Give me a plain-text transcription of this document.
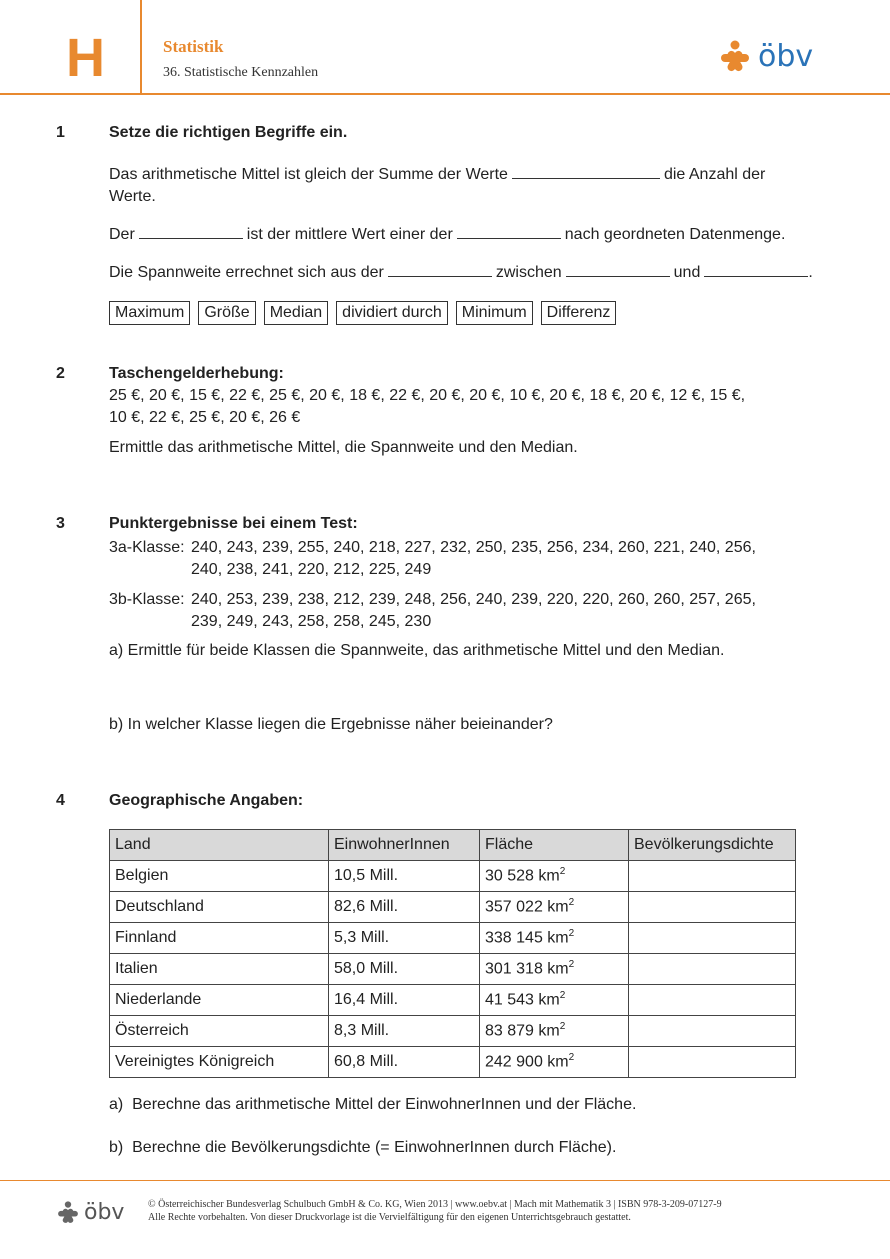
H	Statistik
36. Statistische Kennzahlen	öbv
1	Setze die richtigen Begriffe ein.
Das arithmetische Mittel ist gleich der Summe der Werte	die Anzahl der
Werte.
Der	ist der mittlere Wert einer der	nach geordneten Datenmenge.
Die Spannweite errechnet sich aus der	zwischen	und	.
Maximum Größe Median dividiert durch Minimum Differenz
2	Taschengelderhebung:
25 €, 20 €, 15 €, 22 €, 25 €, 20 €, 18 €, 22 €, 20 €, 20 €, 10 €, 20 €, 18 €, 20 €, 12 €, 15 €,
10 €, 22 €, 25 €, 20 €, 26 €
Ermittle das arithmetische Mittel, die Spannweite und den Median.
3	Punktergebnisse bei einem Test:
3a-Klasse: 240, 243, 239, 255, 240, 218, 227, 232, 250, 235, 256, 234, 260, 221, 240, 256,
240, 238, 241, 220, 212, 225, 249
3b-Klasse: 240, 253, 239, 238, 212, 239, 248, 256, 240, 239, 220, 220, 260, 260, 257, 265,
239, 249, 243, 258, 258, 245, 230
a) Ermittle für beide Klassen die Spannweite, das arithmetische Mittel und den Median.
b) In welcher Klasse liegen die Ergebnisse näher beieinander?
4	Geographische Angaben:
Land	EinwohnerInnen	Fläche	Bevölkerungsdichte
Belgien	10,5 Mill.	30 528 $km^2$	
Deutschland	82,6 Mill.	357 022 $km^2$	
Finnland	5,3 Mill.	338 145 $km^2$	
Italien	58,0 Mill.	301 318 $km^2$	
Niederlande	16,4 Mill.	41 543 $km^2$	
Österreich	8,3 Mill.	83 879 $km^2$	
Vereinigtes Königreich	60,8 Mill.	242 900 $km^2$	
a) Berechne das arithmetische Mittel der EinwohnerInnen und der Fläche.
b) Berechne die Bevölkerungsdichte (= EinwohnerInnen durch Fläche).
öbv © Österreichischer Bundesverlag Schulbuch GmbH & Co. KG, Wien 2013 | www.oebv.at | Mach mit Mathematik 3 | ISBN 978-3-209-07127-9
Alle Rechte vorbehalten. Von dieser Druckvorlage ist die Vervielfältigung für den eigenen Unterrichtsgebrauch gestattet.
